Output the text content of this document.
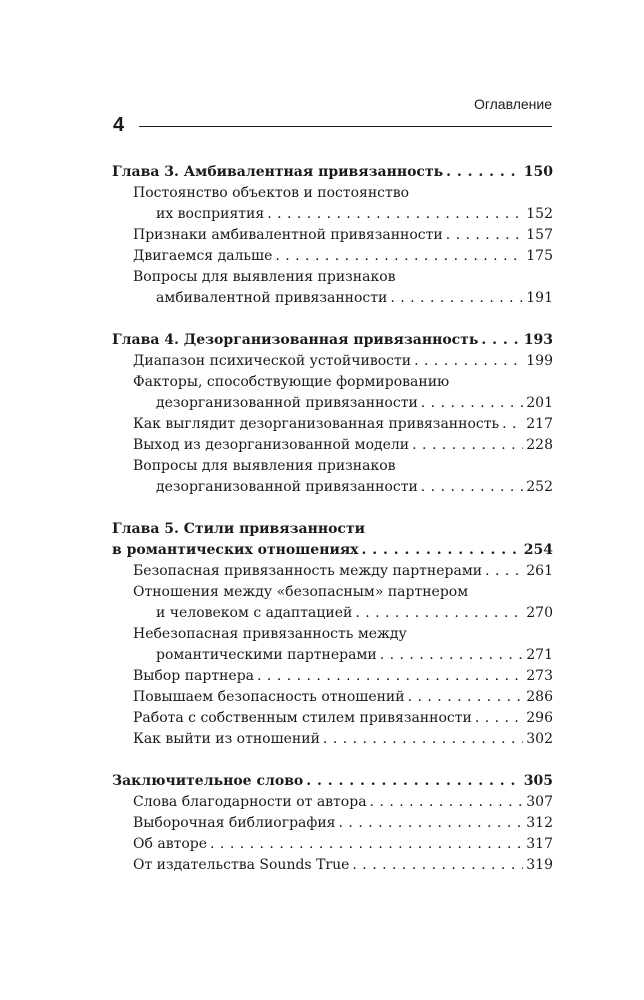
Оглавление
4
Глава 3. Амбивалентная привязанность . . .	150
Постоянство объектов и постоянство
их восприятия . . .	152
Признаки амбивалентной привязанности . . .	157
Двигаемся дальше . . .	175
Вопросы для выявления признаков
амбивалентной привязанности . . .	191
Глава 4. Дезорганизованная привязанность . . .	193
Диапазон психической устойчивости . . .	199
Факторы, способствующие формированию
дезорганизованной привязанности . . .	201
Как выглядит дезорганизованная привязанность . . . 217
Выход из дезорганизованной модели . . .	228
Вопросы для выявления признаков
дезорганизованной привязанности . . .	252
Глава 5. Стили привязанности
в романтических отношениях . . .	254
Безопасная привязанность между партнерами . . .	261
Отношения между «безопасным» партнером
и человеком с адаптацией . . .	270
Небезопасная привязанность между
романтическими партнерами . . .	271
Выбор партнера . . .	273
Повышаем безопасность отношений . . .	286
Работа с собственным стилем привязанности . . .	296
Как выйти из отношений . . .	302
Заключительное слово . . .	305
Слова благодарности от автора . . .	307
Выборочная библиография . . .	312
Об авторе . . .	317
От издательства Sounds True . . .	319
